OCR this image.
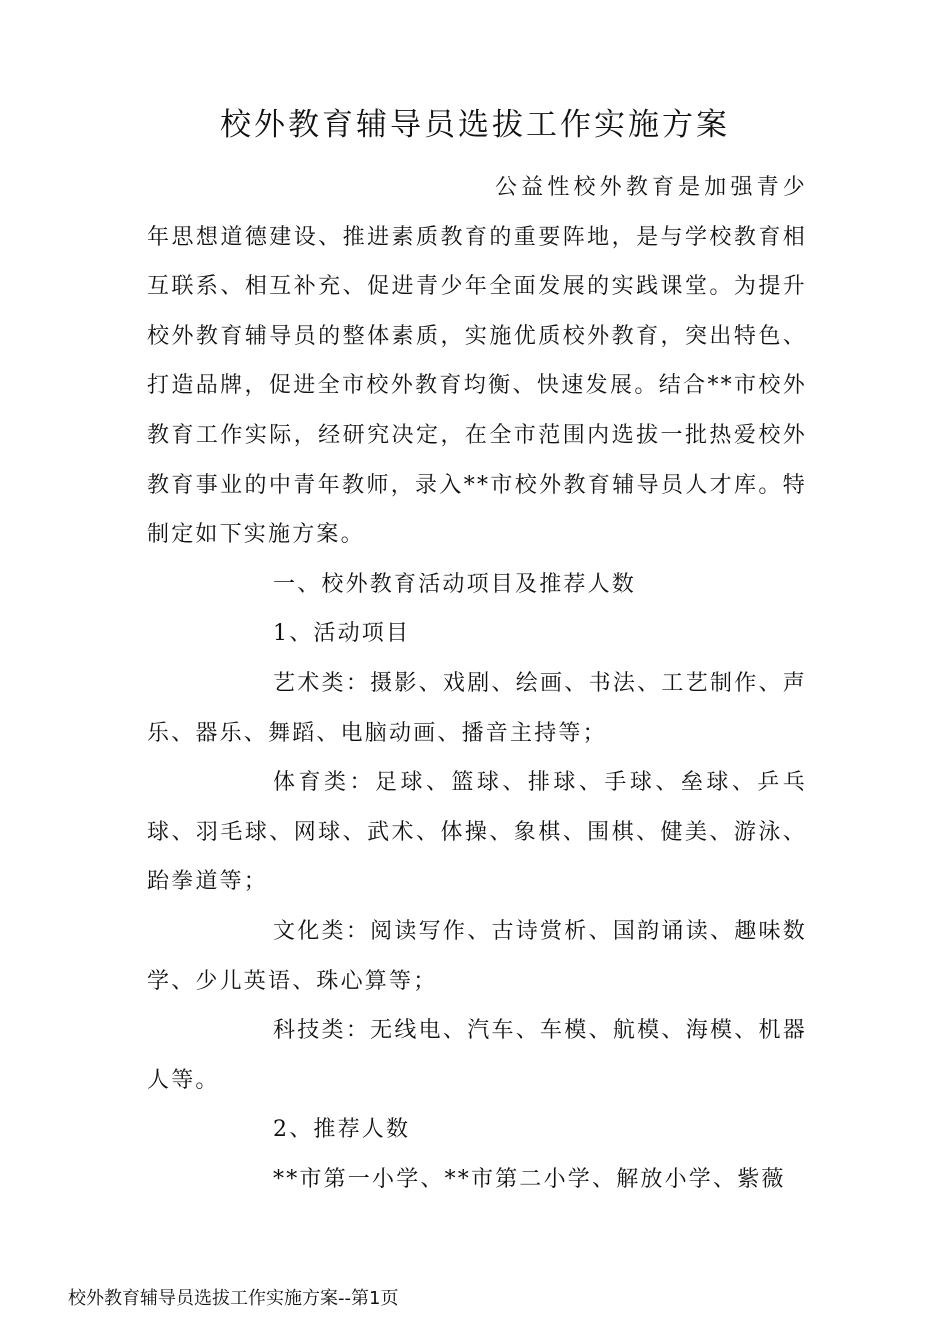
校外教育辅导员选拔工作实施方案

公益性校外教育是加强青少年思想道德建设、推进素质教育的重要阵地，是与学校教育相互联系、相互补充、促进青少年全面发展的实践课堂。为提升校外教育辅导员的整体素质，实施优质校外教育，突出特色、打造品牌，促进全市校外教育均衡、快速发展。结合**市校外教育工作实际，经研究决定，在全市范围内选拔一批热爱校外教育事业的中青年教师，录入**市校外教育辅导员人才库。特制定如下实施方案。

一、校外教育活动项目及推荐人数

1、活动项目

艺术类：摄影、戏剧、绘画、书法、工艺制作、声乐、器乐、舞蹈、电脑动画、播音主持等；

体育类：足球、篮球、排球、手球、垒球、乒乓球、羽毛球、网球、武术、体操、象棋、围棋、健美、游泳、跆拳道等；

文化类：阅读写作、古诗赏析、国韵诵读、趣味数学、少儿英语、珠心算等；

科技类：无线电、汽车、车模、航模、海模、机器人等。

2、推荐人数

**市第一小学、**市第二小学、解放小学、紫薇

校外教育辅导员选拔工作实施方案--第1页
